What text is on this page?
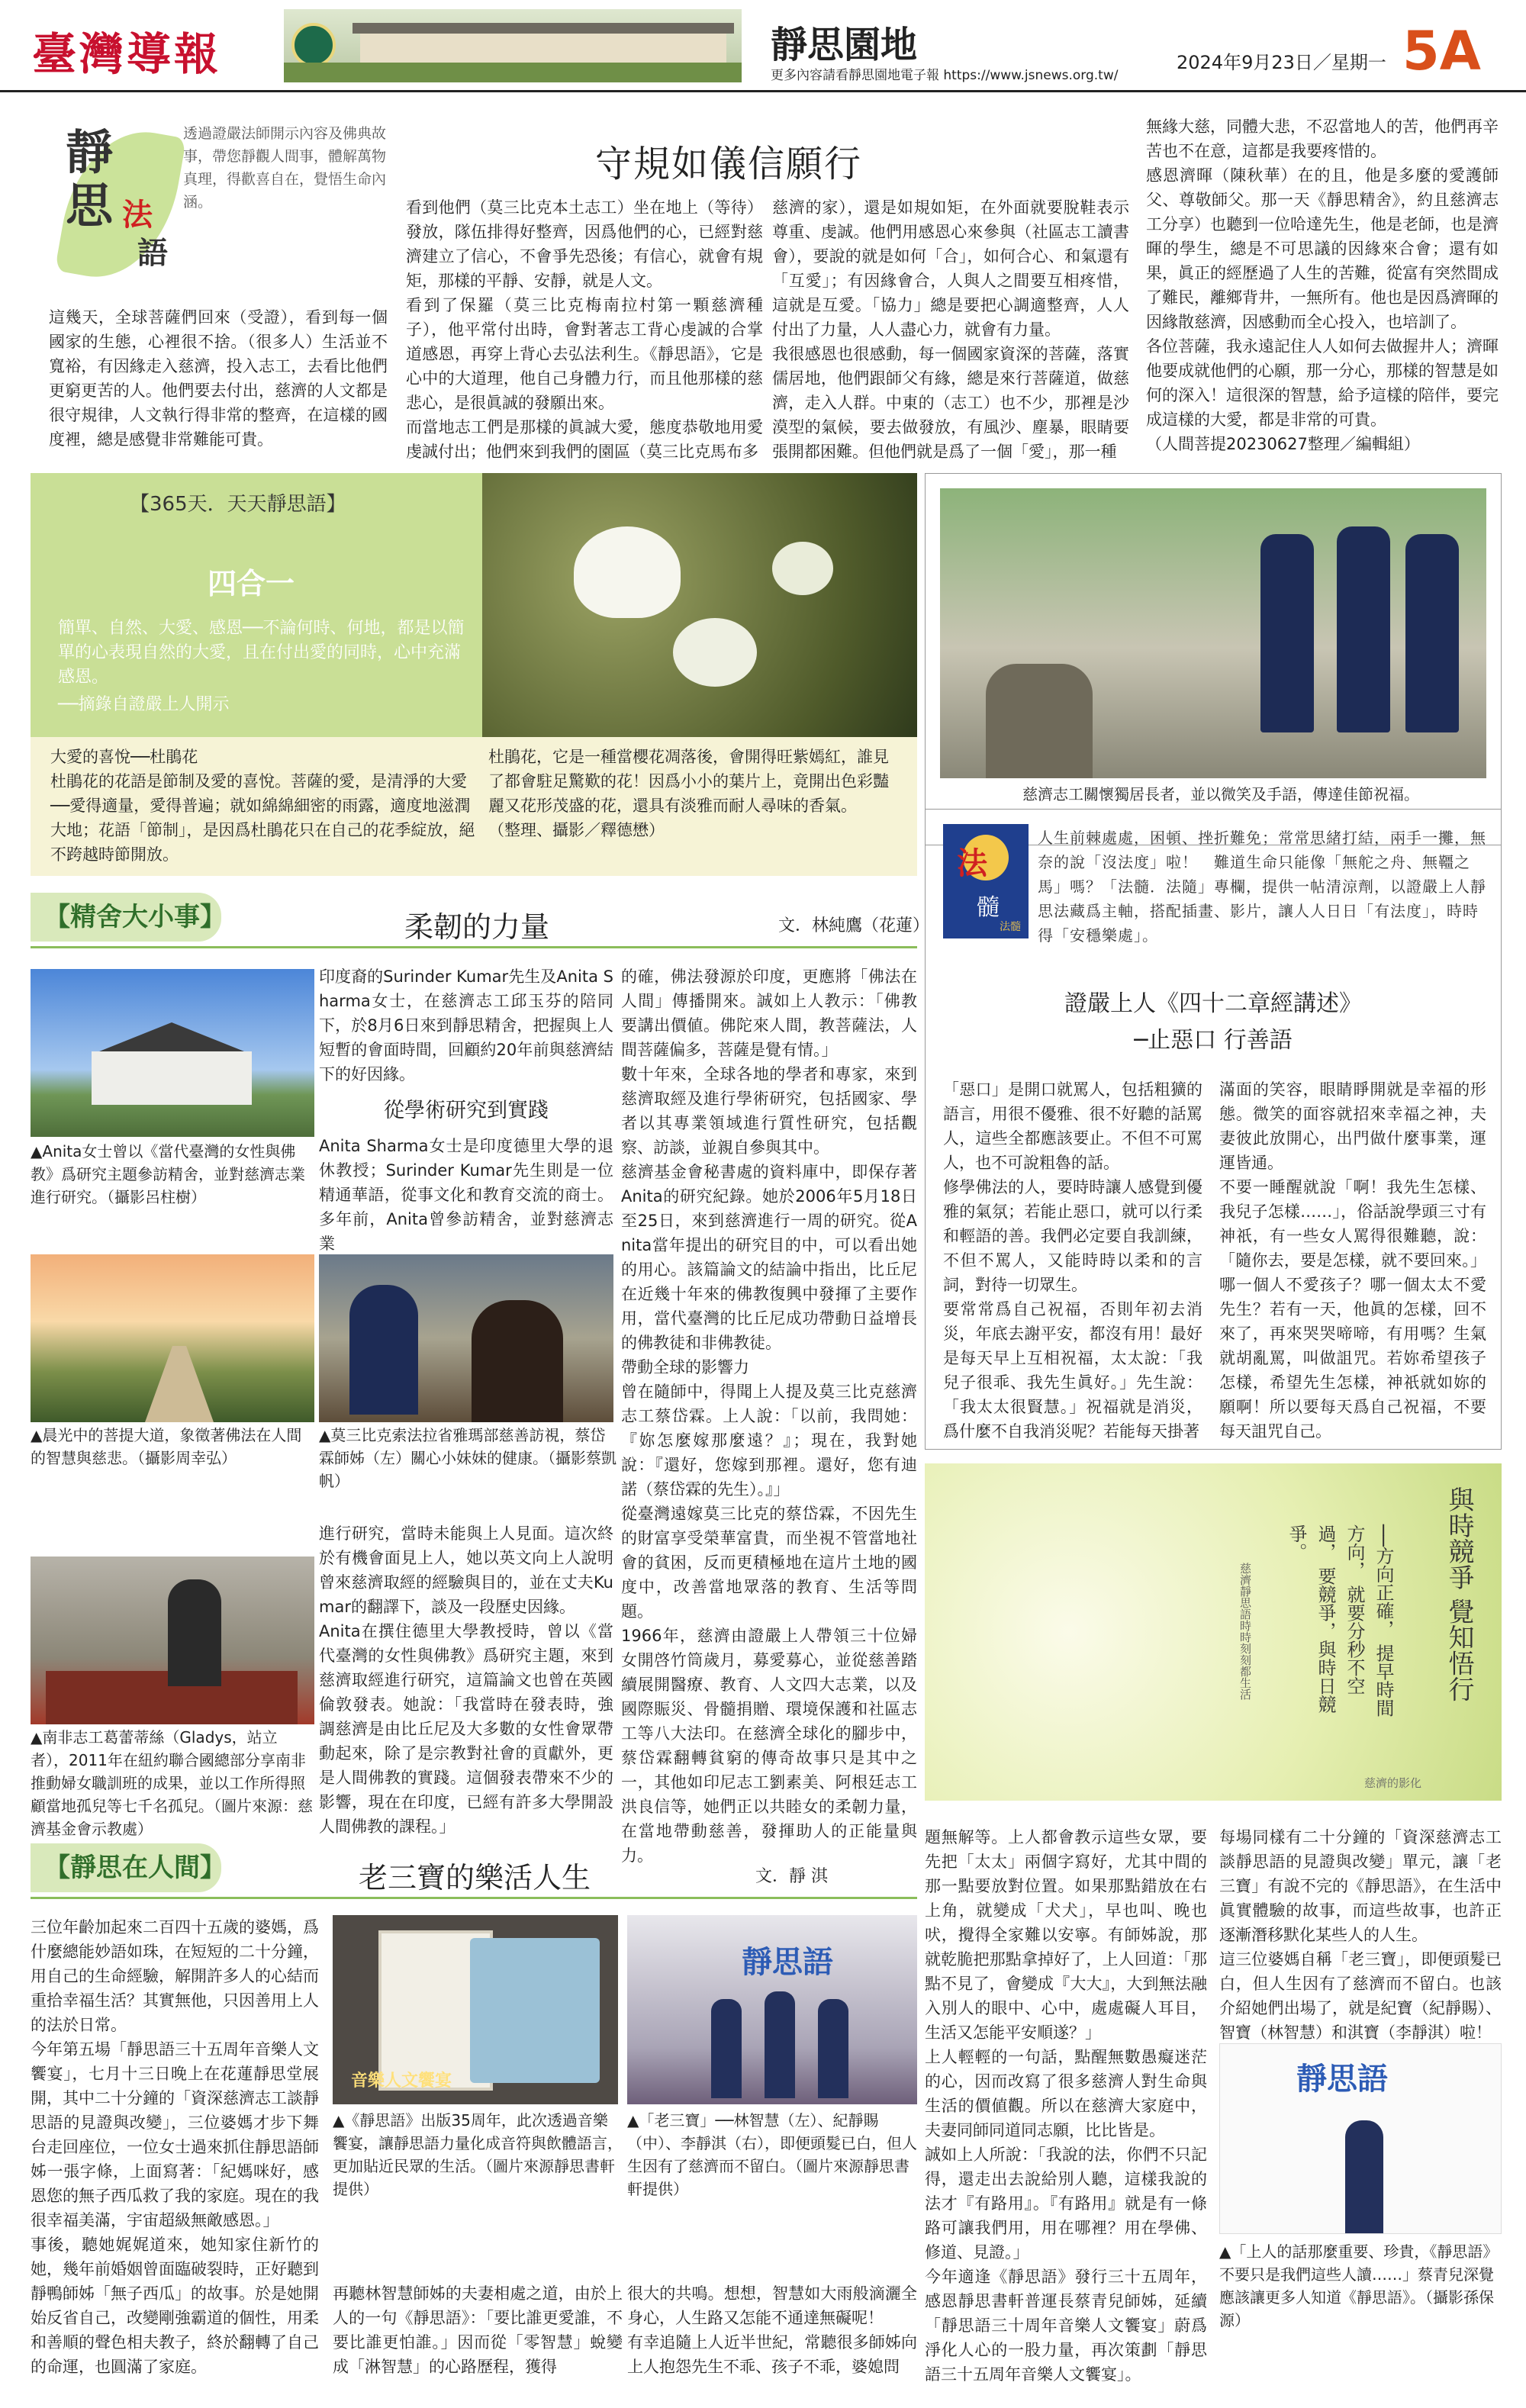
臺灣導報	靜思園地
更多內容請看靜思園地電子報 https://www.jsnews.org.tw/
2024年9月23日／星期一 5A
靜
思 法
語
透過證嚴法師開示內容及佛典故事，帶您靜觀人間事，體解萬物真理，得歡喜自在，覺悟生命內涵。
守規如儀信願行
這幾天，全球菩薩們回來（受證），看到每一個國家的生態，心裡很不捨。（很多人）生活並不寬裕，有因緣走入慈濟，投入志工，去看比他們更窮更苦的人。他們要去付出，慈濟的人文都是很守規律，人文執行得非常的整齊，在這樣的國度裡，總是感覺非常難能可貴。
看到他們（莫三比克本土志工）坐在地上（等待）發放，隊伍排得好整齊，因爲他們的心，已經對慈濟建立了信心，不會爭先恐後；有信心，就會有規矩，那樣的平靜、安靜，就是人文。
看到了保羅（莫三比克梅南拉村第一顆慈濟種子），他平常付出時，會對著志工背心虔誠的合掌道感恩，再穿上背心去弘法利生。《靜思語》，它是心中的大道理，他自己身體力行，而且他那樣的慈悲心，是很眞誠的發願出來。
而當地志工們是那樣的眞誠大愛，態度恭敬地用愛虔誠付出；他們來到我們的園區（莫三比克馬布多
慈濟的家），還是如規如矩，在外面就要脫鞋表示尊重、虔誠。他們用感恩心來參與（社區志工讀書會），要說的就是如何「合」，如何合心、和氣還有「互愛」；有因緣會合，人與人之間要互相疼惜，這就是互愛。「協力」總是要把心調適整齊，人人付出了力量，人人盡心力，就會有力量。
我很感恩也很感動，每一個國家資深的菩薩，落實儒居地，他們跟師父有緣，總是來行菩薩道，做慈濟，走入人群。中東的（志工）也不少，那裡是沙漠型的氣候，要去做發放，有風沙、塵暴，眼睛要張開都困難。但他們就是爲了一個「愛」，那一種
無緣大慈，同體大悲，不忍當地人的苦，他們再辛苦也不在意，這都是我要疼惜的。
感恩濟暉（陳秋華）在的且，他是多麼的愛護師父、尊敬師父。那一天《靜思精舍》，約且慈濟志工分享）也聽到一位哈達先生，他是老師，也是濟暉的學生，總是不可思議的因緣來合會；還有如果，眞正的經歷過了人生的苦難，從富有突然間成了難民，離鄉背井，一無所有。他也是因爲濟暉的因緣散慈濟，因感動而全心投入，也培訓了。
各位菩薩，我永遠記住人人如何去做握井人；濟暉他要成就他們的心願，那一分心，那樣的智慧是如何的深入！這很深的智慧，給予這樣的陪伴，要完成這樣的大愛，都是非常的可貴。
（人間菩提20230627整理／編輯組）
【365天．天天靜思語】
四合一
簡單、自然、大愛、感恩──不論何時、何地，都是以簡單的心表現自然的大愛，且在付出愛的同時，心中充滿感恩。
──摘錄自證嚴上人開示
大愛的喜悅──杜鵑花
杜鵑花的花語是節制及愛的喜悅。菩薩的愛，是清淨的大愛──愛得適量，愛得普遍；就如綿綿細密的雨露，適度地滋潤大地；花語「節制」，是因爲杜鵑花只在自己的花季綻放，絕不跨越時節開放。
杜鵑花，它是一種當櫻花凋落後，會開得旺紫嫣紅，誰見了都會駐足驚歎的花！因爲小小的葉片上，竟開出色彩豔麗又花形茂盛的花，還具有淡雅而耐人尋味的香氣。
（整理、攝影／釋德懋）
慈濟志工關懷獨居長者，並以微笑及手語，傳達佳節祝福。
法
髓
法髓
人生前棘處處，困頓、挫折難免；常常思緒打結，兩手一攤，無奈的說「沒法度」啦！　難道生命只能像「無舵之舟、無韁之馬」嗎？「法髓．法隨」專欄，提供一帖清涼劑，以證嚴上人靜思法藏爲主軸，搭配插畫、影片，讓人人日日「有法度」，時時得「安穩樂處」。
證嚴上人《四十二章經講述》
─止惡口 行善語
「惡口」是開口就罵人，包括粗獷的語言，用很不優雅、很不好聽的話罵人，這些全都應該要止。不但不可罵人，也不可說粗魯的話。
修學佛法的人，要時時讓人感覺到優雅的氣氛；若能止惡口，就可以行柔和輕語的善。我們必定要自我訓練，不但不罵人，又能時時以柔和的言詞，對待一切眾生。
要常常爲自己祝福，否則年初去消災，年底去謝平安，都沒有用！最好是每天早上互相祝福，太太說：「我兒子很乖、我先生眞好。」先生說：「我太太很賢慧。」祝福就是消災，爲什麼不自我消災呢？若能每天掛著
滿面的笑容，眼睛睜開就是幸福的形態。微笑的面容就招來幸福之神，夫妻彼此放開心，出門做什麼事業，運運皆通。
不要一睡醒就說「啊！我先生怎樣、我兒子怎樣……」，俗話說學頭三寸有神祇，有一些女人罵得很難聽，說：「隨你去，要是怎樣，就不要回來。」哪一個人不愛孩子？哪一個太太不愛先生？若有一天，他眞的怎樣，回不來了，再來哭哭啼啼，有用嗎？生氣就胡亂罵，叫做詛咒。若妳希望孩子怎樣，希望先生怎樣，神祇就如妳的願啊！所以要每天爲自己祝福，不要每天詛咒自己。
與時競爭 覺知悟行
──方向正確， 提早時間方向， 就要分秒不空過， 要競爭，與時日競爭。
慈濟靜思語時時刻刻都生活
慈濟的影化
【精舍大小事】	柔韌的力量	文．林純鷹（花蓮）
▲Anita女士曾以《當代臺灣的女性與佛教》爲研究主題參訪精舍，並對慈濟志業進行研究。（攝影呂柱樹）
▲晨光中的菩提大道，象徵著佛法在人間的智慧與慈悲。（攝影周幸弘）
▲莫三比克索法拉省雅瑪部慈善訪視，蔡岱霖師姊（左）關心小妹妹的健康。（攝影蔡凱帆）
▲南非志工葛蕾蒂絲（Gladys，站立者），2011年在紐約聯合國總部分享南非推動婦女職訓班的成果，並以工作所得照顧當地孤兒等七千名孤兒。（圖片來源：慈濟基金會示教處）
印度裔的Surinder Kumar先生及Anita Sharma女士，在慈濟志工邱玉芬的陪同下，於8月6日來到靜思精舍，把握與上人短暫的會面時間，回顧約20年前與慈濟結下的好因緣。
從學術研究到實踐
Anita Sharma女士是印度德里大學的退休教授；Surinder Kumar先生則是一位精通華語，從事文化和教育交流的商士。多年前，Anita曾參訪精舍，並對慈濟志業
進行研究，當時未能與上人見面。這次終於有機會面見上人，她以英文向上人說明曾來慈濟取經的經驗與目的，並在丈夫Kumar的翻譯下，談及一段歷史因緣。
Anita在撰住德里大學教授時，曾以《當代臺灣的女性與佛教》爲研究主題，來到慈濟取經進行研究，這篇論文也曾在英國倫敦發表。她說：「我當時在發表時，強調慈濟是由比丘尼及大多數的女性會眾帶動起來，除了是宗教對社會的貢獻外，更是人間佛教的實踐。這個發表帶來不少的影響，現在在印度，已經有許多大學開設人間佛教的課程。」
的確，佛法發源於印度，更應將「佛法在人間」傳播開來。誠如上人教示：「佛教要講出價値。佛陀來人間，教菩薩法，人間菩薩偏多，菩薩是覺有情。」
數十年來，全球各地的學者和專家，來到慈濟取經及進行學術研究，包括國家、學者以其專業領域進行質性研究，包括觀察、訪談，並親自參與其中。
慈濟基金會秘書處的資料庫中，即保存著Anita的研究紀錄。她於2006年5月18日至25日，來到慈濟進行一周的研究。從Anita當年提出的研究目的中，可以看出她的用心。該篇論文的結論中指出，比丘尼在近幾十年來的佛教復興中發揮了主要作用，當代臺灣的比丘尼成功帶動日益增長的佛教徒和非佛教徒。
帶動全球的影響力
曾在隨師中，得聞上人提及莫三比克慈濟志工蔡岱霖。上人說：「以前，我問她：『妳怎麼嫁那麼遠？』；現在，我對她說：『還好，您嫁到那裡。還好，您有迪諾（蔡岱霖的先生）。』」
從臺灣遠嫁莫三比克的蔡岱霖，不因先生的財富享受榮華富貴，而坐視不管當地社會的貧困，反而更積極地在這片土地的國度中，改善當地眾落的教育、生活等問題。
1966年，慈濟由證嚴上人帶領三十位婦女開啓竹筒歲月，募愛募心，並從慈善踏續展開醫療、教育、人文四大志業，以及國際賑災、骨髓捐贈、環境保護和社區志工等八大法印。在慈濟全球化的腳步中，蔡岱霖翻轉貧窮的傳奇故事只是其中之一，其他如印尼志工劉素美、阿根廷志工洪良信等，她們正以共睦女的柔韌力量，在當地帶動慈善，發揮助人的正能量與力。
【靜思在人間】	老三寶的樂活人生	文．靜 淇
三位年齡加起來二百四十五歲的婆媽，爲什麼總能妙語如珠，在短短的二十分鐘，用自己的生命經驗，解開許多人的心結而重拾幸福生活？其實無他，只因善用上人的法於日常。
今年第五場「靜思語三十五周年音樂人文饗宴」，七月十三日晚上在花蓮靜思堂展開，其中二十分鐘的「資深慈濟志工談靜思語的見證與改變」，三位婆媽才步下舞台走回座位，一位女士過來抓住靜思語師姊一張字條，上面寫著：「紀媽咪好，感恩您的無子西瓜救了我的家庭。現在的我很幸福美滿，宇宙超級無敵感恩。」
事後，聽她娓娓道來，她知家住新竹的她，幾年前婚姻曾面臨破裂時，正好聽到靜鴨師姊「無子西瓜」的故事。於是她開始反省自己，改變剛強霸道的個性，用柔和善順的聲色相夫教子，終於翻轉了自己的命運，也圓滿了家庭。
音樂人文饗宴
▲《靜思語》出版35周年，此次透過音樂饗宴，讓靜思語力量化成音符與飲體語言，更加貼近民眾的生活。（圖片來源靜思書軒提供）
靜思語
▲「老三寶」──林智慧（左）、紀靜賜（中）、李靜淇（右），即便頭髮已白，但人生因有了慈濟而不留白。（圖片來源靜思書軒提供）
再聽林智慧師姊的夫妻相處之道，由於上人的一句《靜思語》：「要比誰更愛誰，不要比誰更怕誰。」因而從「零智慧」蛻變成「淋智慧」的心路歷程，獲得
很大的共鳴。想想，智慧如大雨般滴灑全身心，人生路又怎能不通達無礙呢！
有幸追隨上人近半世紀，常聽很多師姊向上人抱怨先生不乖、孩子不乖，婆媳問
題無解等。上人都會教示這些女眾，要先把「太太」兩個字寫好，尤其中間的那一點要放對位置。如果那點錯放在右上角，就變成「犬犬」，早也叫、晚也吠，攪得全家難以安寧。有師姊說，那就乾脆把那點拿掉好了，上人回道：「那點不見了，會變成『大大』，大到無法融入別人的眼中、心中，處處礙人耳目，生活又怎能平安順遂？」
上人輕輕的一句話，點醒無數愚癡迷茫的心，因而改寫了很多慈濟人對生命與生活的價値觀。所以在慈濟大家庭中，夫妻同師同道同志願，比比皆是。
誠如上人所說：「我說的法，你們不只記得，還走出去說給別人聽，這樣我說的法才『有路用』。『有路用』就是有一條路可讓我們用，用在哪裡？用在學佛、修道、見證。」
今年適逢《靜思語》發行三十五周年，感恩靜思書軒普運長蔡青兒師姊，延續「靜思語三十周年音樂人文饗宴」蔚爲淨化人心的一股力量，再次策劃「靜思語三十五周年音樂人文饗宴」。
每場同樣有二十分鐘的「資深慈濟志工談靜思語的見證與改變」單元，讓「老三寶」有說不完的《靜思語》，在生活中眞實體驗的故事，而這些故事，也許正逐漸潛移默化某些人的人生。
這三位婆媽自稱「老三寶」，即便頭髮已白，但人生因有了慈濟而不留白。也該介紹她們出場了，就是紀寶（紀靜賜）、智寶（林智慧）和淇寶（李靜淇）啦！
靜思語
▲「上人的話那麼重要、珍貴，《靜思語》不要只是我們這些人讀……」蔡青兒深覺應該讓更多人知道《靜思語》。（攝影孫保源）
